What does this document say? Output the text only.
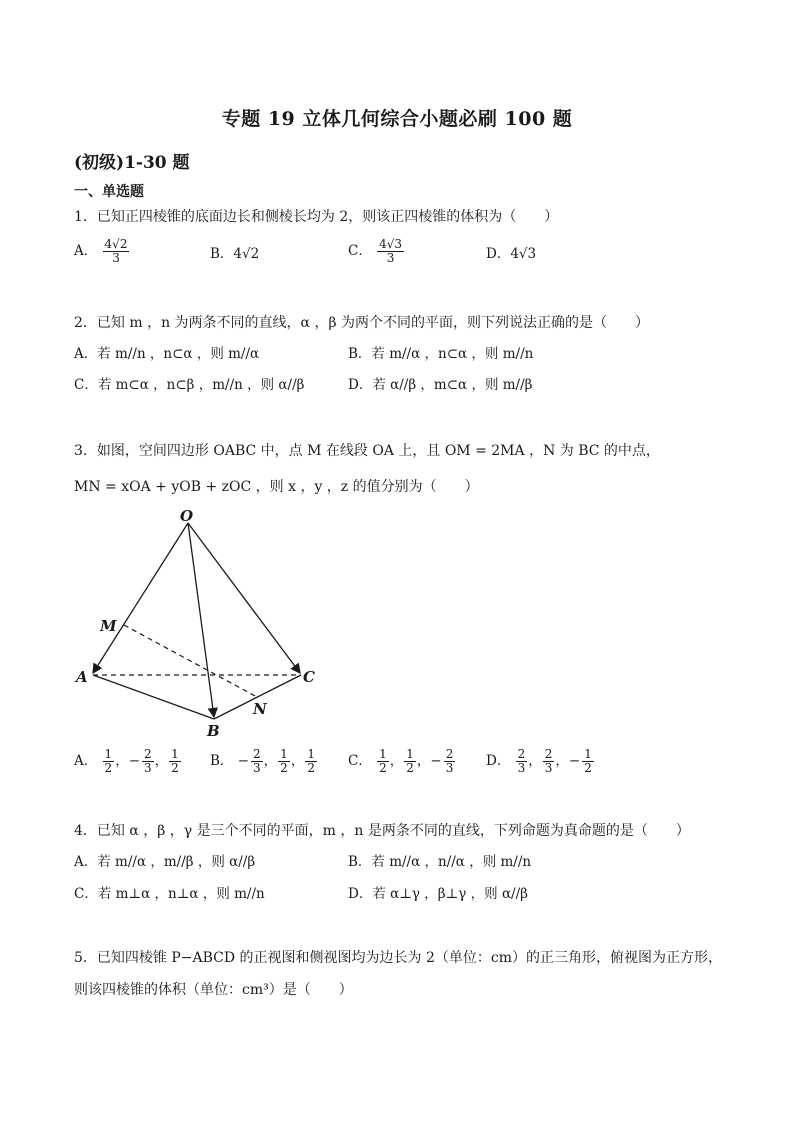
专题 19 立体几何综合小题必刷 100 题
(初级)1-30 题
一、单选题
1．已知正四棱锥的底面边长和侧棱长均为 2，则该正四棱锥的体积为（　　）
A． $\frac{4√2}{3}$	B．4√2	C． $\frac{4√3}{3}$	D．4√3
2．已知 m ，n 为两条不同的直线，α ，β 为两个不同的平面，则下列说法正确的是（　　）
A．若 m//n ，n⊂α ，则 m//α	B．若 m//α ，n⊂α ，则 m//n
C．若 m⊂α ，n⊂β ，m//n ，则 α//β	D．若 α//β ，m⊂α ，则 m//β
3．如图，空间四边形 OABC 中，点 M 在线段 OA 上，且 OM = 2MA ，N 为 BC 的中点，
MN = xOA + yOB + zOC ，则 x ，y ，z 的值分别为（　　）
O
M
A	C
N
B
A． $\frac{1}{2}$ ，− $\frac{2}{3}$ ， $\frac{1}{2}$ B． − $\frac{2}{3}$ ， $\frac{1}{2}$ ， $\frac{1}{2}$ C． $\frac{1}{2}$ ， $\frac{1}{2}$ ，− $\frac{2}{3}$ D． $\frac{2}{3}$ ， $\frac{2}{3}$ ，− $\frac{1}{2}$
4．已知 α ，β ，γ 是三个不同的平面，m ，n 是两条不同的直线，下列命题为真命题的是（　　）
A．若 m//α ，m//β ，则 α//β	B．若 m//α ，n//α ，则 m//n
C．若 m⊥α ，n⊥α ，则 m//n	D．若 α⊥γ ，β⊥γ ，则 α//β
5．已知四棱锥 P−ABCD 的正视图和侧视图均为边长为 2（单位：cm）的正三角形，俯视图为正方形，则该四棱锥的体积（单位：cm³）是（　　）
